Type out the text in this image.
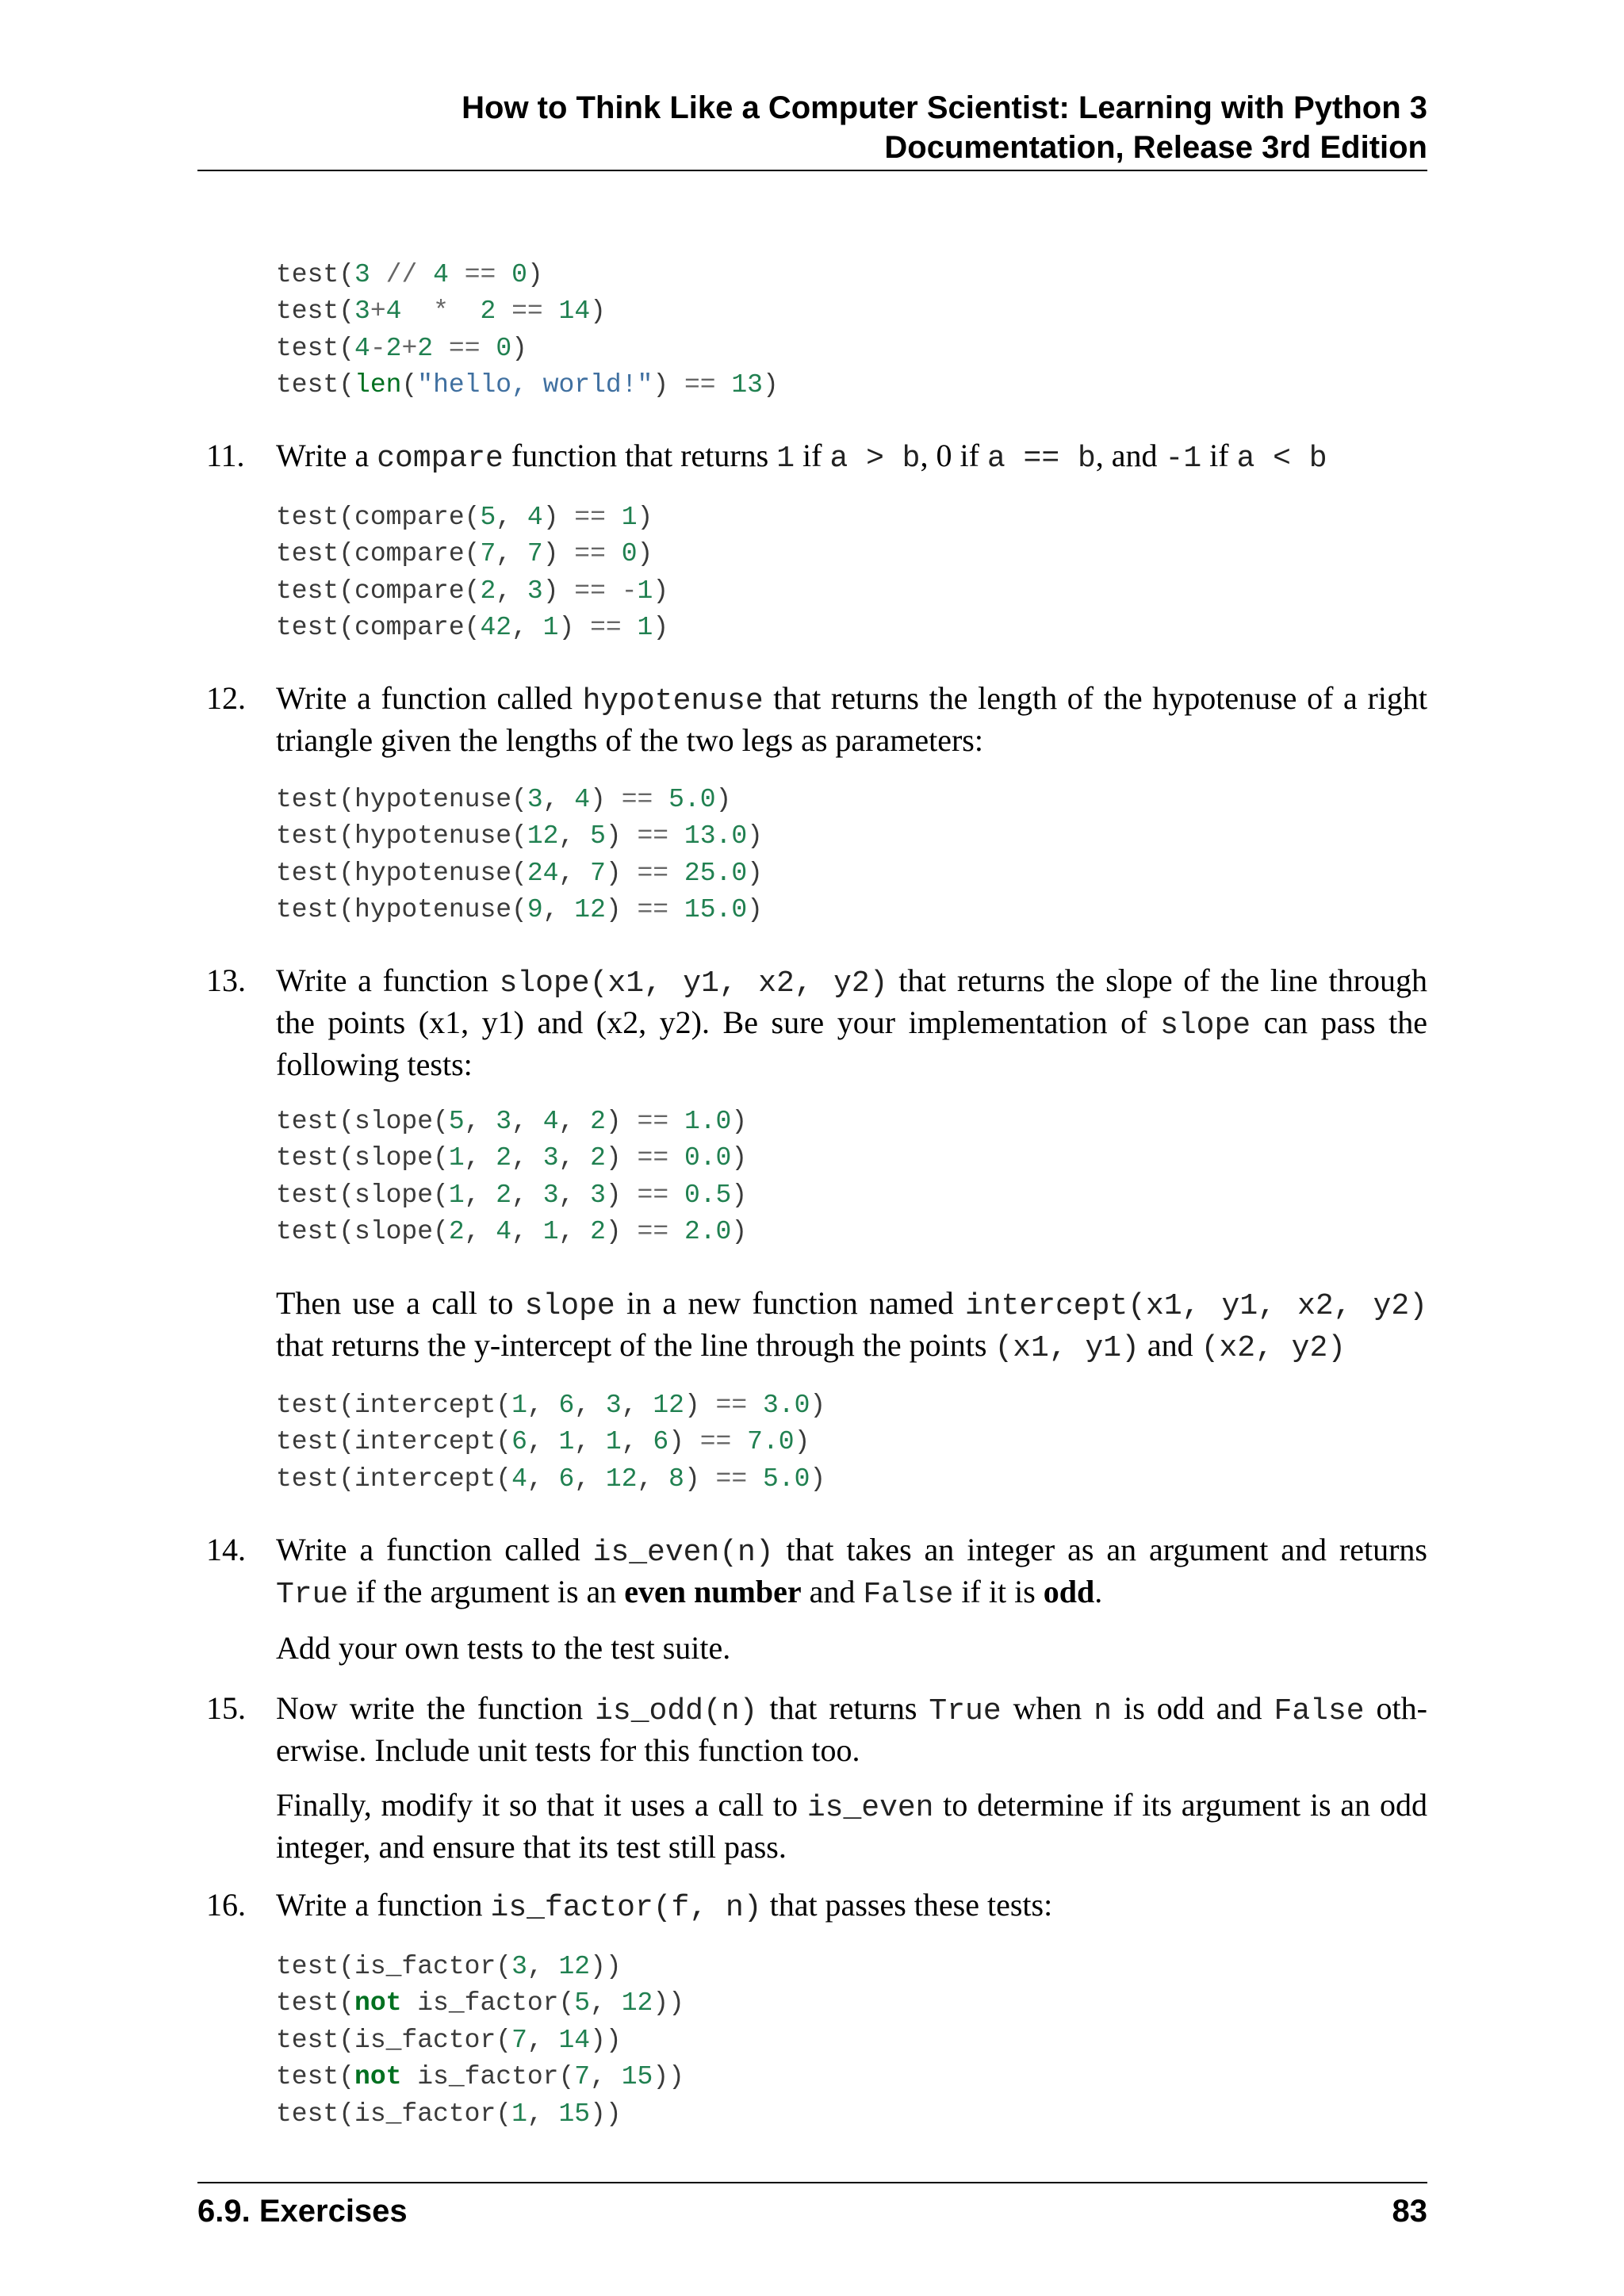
How to Think Like a Computer Scientist: Learning with Python 3
Documentation, Release 3rd Edition
test(3 // 4 == 0)
test(3+4 * 2 == 14)
test(4-2+2 == 0)
test(len("hello, world!") == 13)
11. Write a compare function that returns 1 if a > b, 0 if a == b, and -1 if a < b
test(compare(5, 4) == 1)
test(compare(7, 7) == 0)
test(compare(2, 3) == -1)
test(compare(42, 1) == 1)
12. Write a function called hypotenuse that returns the length of the hypotenuse of a right triangle given the lengths of the two legs as parameters:
test(hypotenuse(3, 4) == 5.0)
test(hypotenuse(12, 5) == 13.0)
test(hypotenuse(24, 7) == 25.0)
test(hypotenuse(9, 12) == 15.0)
13. Write a function slope(x1, y1, x2, y2) that returns the slope of the line through the points (x1, y1) and (x2, y2). Be sure your implementation of slope can pass the following tests:
test(slope(5, 3, 4, 2) == 1.0)
test(slope(1, 2, 3, 2) == 0.0)
test(slope(1, 2, 3, 3) == 0.5)
test(slope(2, 4, 1, 2) == 2.0)
Then use a call to slope in a new function named intercept(x1, y1, x2, y2) that returns the y-intercept of the line through the points (x1, y1) and (x2, y2)
test(intercept(1, 6, 3, 12) == 3.0)
test(intercept(6, 1, 1, 6) == 7.0)
test(intercept(4, 6, 12, 8) == 5.0)
14. Write a function called is_even(n) that takes an integer as an argument and returns True if the argument is an even number and False if it is odd.
Add your own tests to the test suite.
15. Now write the function is_odd(n) that returns True when n is odd and False oth- erwise. Include unit tests for this function too.
Finally, modify it so that it uses a call to is_even to determine if its argument is an odd integer, and ensure that its test still pass.
16. Write a function is_factor(f, n) that passes these tests:
test(is_factor(3, 12))
test(not is_factor(5, 12))
test(is_factor(7, 14))
test(not is_factor(7, 15))
test(is_factor(1, 15))
6.9. Exercises	83
